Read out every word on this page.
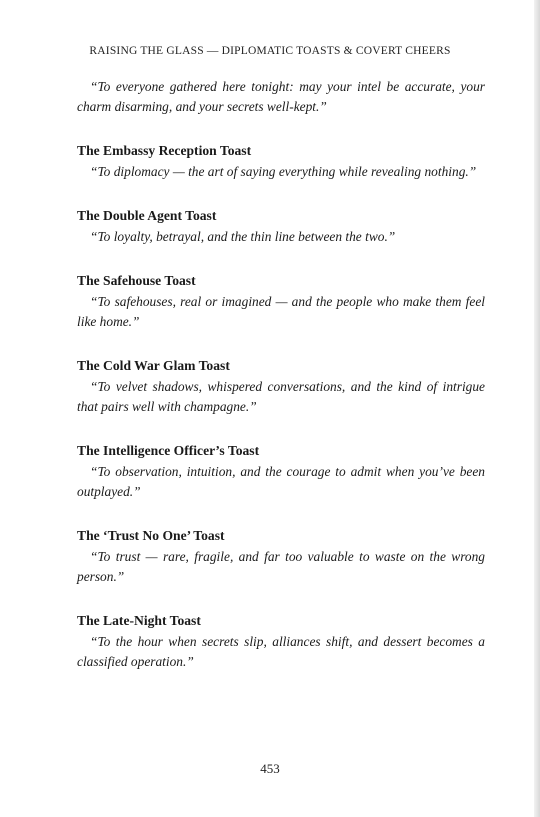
RAISING THE GLASS — DIPLOMATIC TOASTS & COVERT CHEERS

“To everyone gathered here tonight: may your intel be accurate, your charm disarming, and your secrets well-kept.”

The Embassy Reception Toast

“To diplomacy — the art of saying everything while revealing nothing.”

The Double Agent Toast

“To loyalty, betrayal, and the thin line between the two.”

The Safehouse Toast

“To safehouses, real or imagined — and the people who make them feel like home.”

The Cold War Glam Toast

“To velvet shadows, whispered conversations, and the kind of intrigue that pairs well with champagne.”

The Intelligence Officer’s Toast

“To observation, intuition, and the courage to admit when you’ve been outplayed.”

The ‘Trust No One’ Toast

“To trust — rare, fragile, and far too valuable to waste on the wrong person.”

The Late-Night Toast

“To the hour when secrets slip, alliances shift, and dessert becomes a classified operation.”

453
